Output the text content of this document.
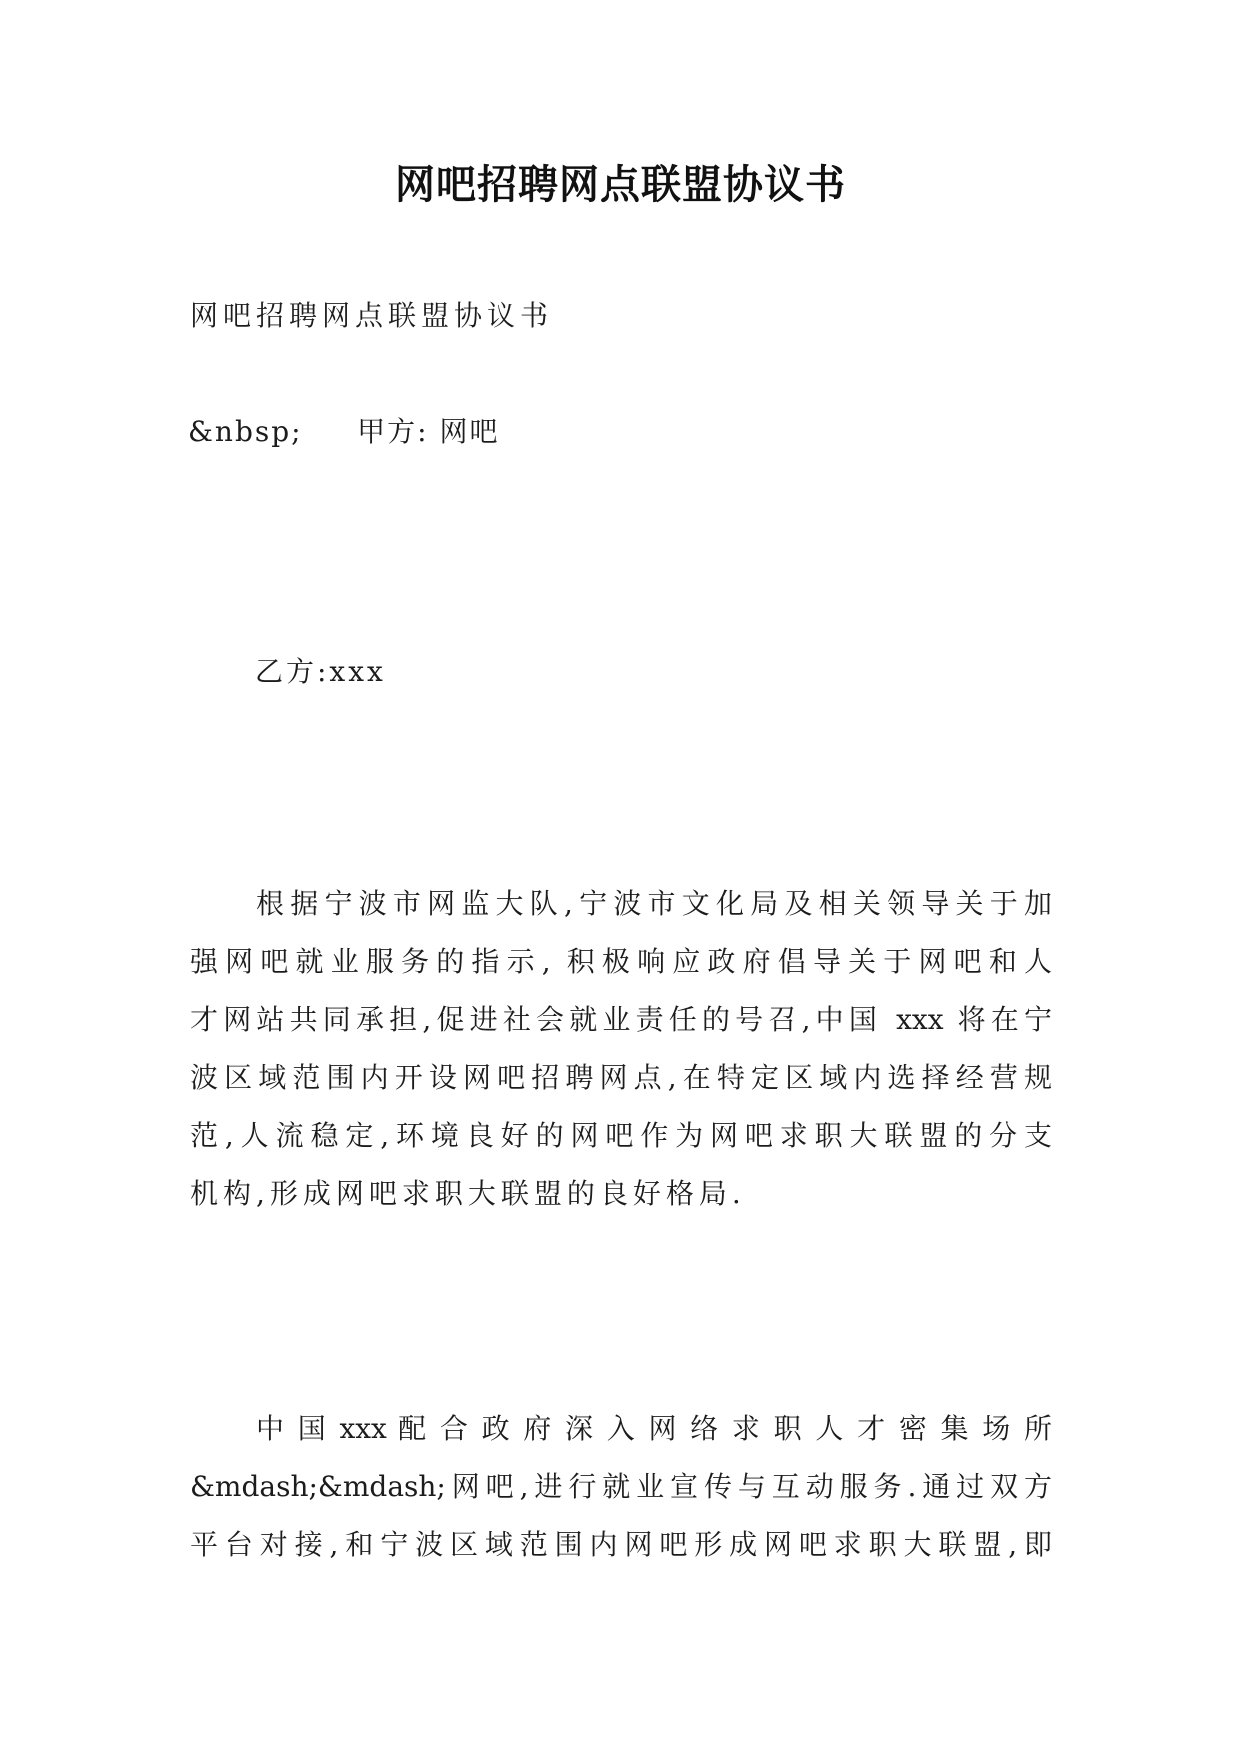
网吧招聘网点联盟协议书
网吧招聘网点联盟协议书
&nbsp;     甲方: 网吧
乙方:xxx
根据宁波市网监大队,宁波市文化局及相关领导关于加
强网吧就业服务的指示, 积极响应政府倡导关于网吧和人
才网站共同承担,促进社会就业责任的号召,中国 xxx 将在宁
波区域范围内开设网吧招聘网点,在特定区域内选择经营规
范,人流稳定,环境良好的网吧作为网吧求职大联盟的分支
机构,形成网吧求职大联盟的良好格局.
中 国 xxx 配 合 政 府 深 入 网 络 求 职 人 才 密 集 场 所
&mdash;&mdash;网吧,进行就业宣传与互动服务.通过双方
平台对接,和宁波区域范围内网吧形成网吧求职大联盟,即
